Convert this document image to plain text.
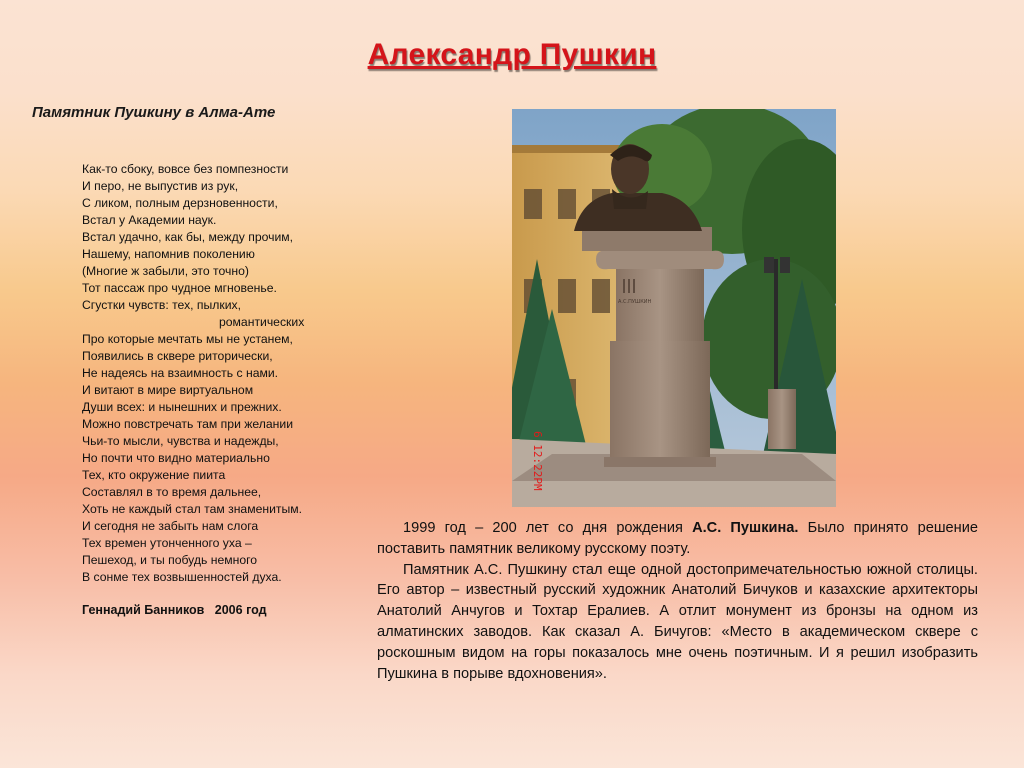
Александр Пушкин
Памятник Пушкину в Алма-Ате
Как-то сбоку, вовсе без помпезности
И перо, не выпустив из рук,
С ликом, полным дерзновенности,
Встал у Академии наук.
Встал удачно, как бы, между прочим,
Нашему, напомнив поколению
(Многие ж забыли, это точно)
Тот пассаж про чудное мгновенье.
Сгустки чувств: тех, пылких,
романтических
Про которые мечтать мы не устанем,
Появились в сквере риторически,
Не надеясь на взаимность с нами.
И витают в мире виртуальном
Души всех: и нынешних и прежних.
Можно повстречать там при желании
Чьи-то мысли, чувства и надежды,
Но почти что видно материально
Тех, кто окружение пиита
Составлял в то время дальнее,
Хоть не каждый стал там знаменитым.
И сегодня не забыть нам слога
Тех времен утонченного уха –
Пешеход, и ты побудь немного
В сонме тех возвышенностей духа.
Геннадий Банников   2006 год
А.С.ПУШКИН
6 12:22PM

1999 год – 200 лет со дня рождения А.С. Пушкина. Было принято решение поставить памятник великому русскому поэту.

Памятник А.С. Пушкину стал еще одной достопримечательностью южной столицы. Его автор – известный русский художник Анатолий Бичуков и казахские архитекторы Анатолий Анчугов и Тохтар Ералиев. А отлит монумент из бронзы на одном из алматинских заводов. Как сказал А. Бичугов: «Место в академическом сквере с роскошным видом на горы показалось мне очень поэтичным. И я решил изобразить Пушкина в порыве вдохновения».
